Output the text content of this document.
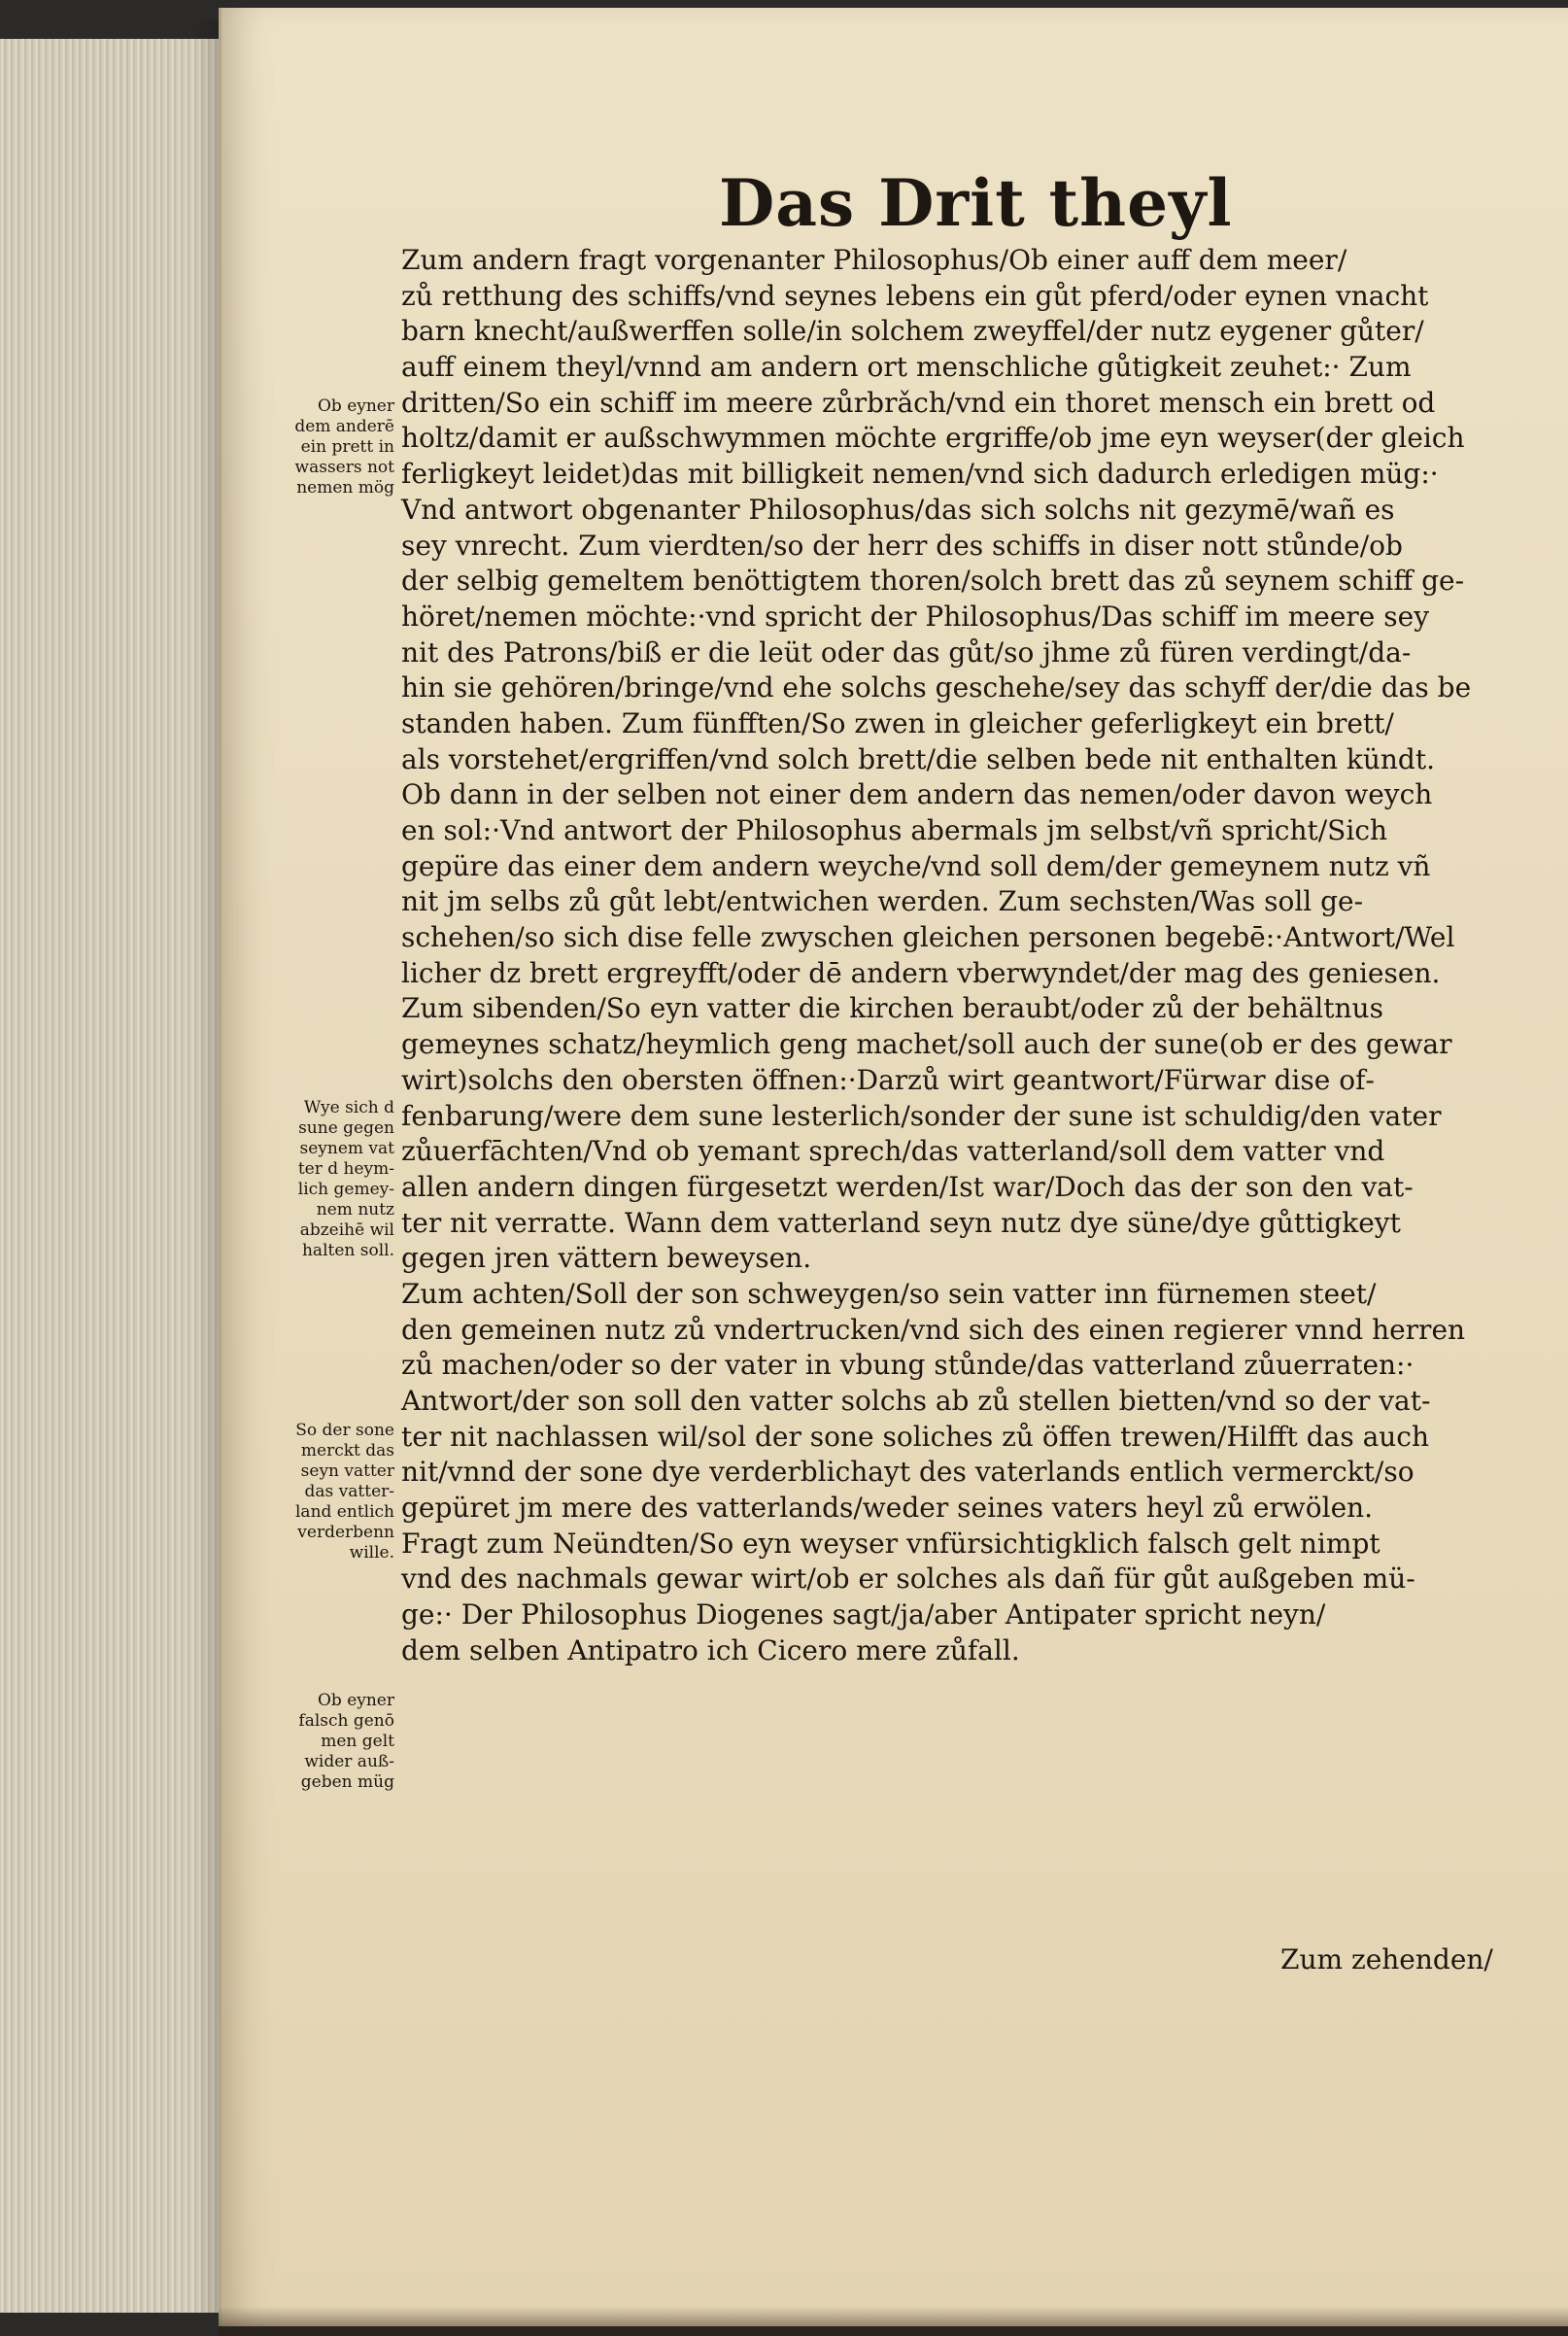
Das Drit theyl
Ob eyner
dem anderē
ein prett in
wassers not
nemen mög
Wye sich d
sune gegen
seynem vat
ter d heym‑
lich gemey‑
nem nutz
abzeihē wil
halten soll.
So der sone
merckt das
seyn vatter
das vatter‑
land entlich
verderbenn
wille.
Ob eyner
falsch genō
men gelt
wider auß‑
geben müg
Zum andern fragt vorgenanter Philosophus/Ob einer auff dem meer/
zů retthung des schiffs/vnd seynes lebens ein gůt pferd/oder eynen vnacht
barn knecht/außwerffen solle/in solchem zweyffel/der nutz eygener gůter/
auff einem theyl/vnnd am andern ort menschliche gůtigkeit zeuhet:· Zum
dritten/So ein schiff im meere zůrbrǎch/vnd ein thoret mensch ein brett od
holtz/damit er außschwymmen möchte ergriffe/ob jme eyn weyser(der gleich
ferligkeyt leidet)das mit billigkeit nemen/vnd sich dadurch erledigen müg:·
Vnd antwort obgenanter Philosophus/das sich solchs nit gezymē/wañ es
sey vnrecht. Zum vierdten/so der herr des schiffs in diser nott stůnde/ob
der selbig gemeltem benöttigtem thoren/solch brett das zů seynem schiff ge‑
höret/nemen möchte:·vnd spricht der Philosophus/Das schiff im meere sey
nit des Patrons/biß er die leüt oder das gůt/so jhme zů füren verdingt/da‑
hin sie gehören/bringe/vnd ehe solchs geschehe/sey das schyff der/die das be
standen haben. Zum fünfften/So zwen in gleicher geferligkeyt ein brett/
als vorstehet/ergriffen/vnd solch brett/die selben bede nit enthalten kündt.
Ob dann in der selben not einer dem andern das nemen/oder davon weych
en sol:·Vnd antwort der Philosophus abermals jm selbst/vñ spricht/Sich
gepüre das einer dem andern weyche/vnd soll dem/der gemeynem nutz vñ
nit jm selbs zů gůt lebt/entwichen werden. Zum sechsten/Was soll ge‑
schehen/so sich dise felle zwyschen gleichen personen begebē:·Antwort/Wel
licher dz brett ergreyfft/oder dē andern vberwyndet/der mag des geniesen.
Zum sibenden/So eyn vatter die kirchen beraubt/oder zů der behältnus
gemeynes schatz/heymlich geng machet/soll auch der sune(ob er des gewar
wirt)solchs den obersten öffnen:·Darzů wirt geantwort/Fürwar dise of‑
fenbarung/were dem sune lesterlich/sonder der sune ist schuldig/den vater
zůuerfāchten/Vnd ob yemant sprech/das vatterland/soll dem vatter vnd
allen andern dingen fürgesetzt werden/Ist war/Doch das der son den vat‑
ter nit verratte. Wann dem vatterland seyn nutz dye süne/dye gůttigkeyt
gegen jren vättern beweysen.
Zum achten/Soll der son schweygen/so sein vatter inn fürnemen steet/
den gemeinen nutz zů vndertrucken/vnd sich des einen regierer vnnd herren
zů machen/oder so der vater in vbung stůnde/das vatterland zůuerraten:·
Antwort/der son soll den vatter solchs ab zů stellen bietten/vnd so der vat‑
ter nit nachlassen wil/sol der sone soliches zů öffen trewen/Hilfft das auch
nit/vnnd der sone dye verderblichayt des vaterlands entlich vermerckt/so
gepüret jm mere des vatterlands/weder seines vaters heyl zů erwölen.
Fragt zum Neündten/So eyn weyser vnfürsichtigklich falsch gelt nimpt
vnd des nachmals gewar wirt/ob er solches als dañ für gůt außgeben mü‑
ge:· Der Philosophus Diogenes sagt/ja/aber Antipater spricht neyn/
dem selben Antipatro ich Cicero mere zůfall.
Zum zehenden/
